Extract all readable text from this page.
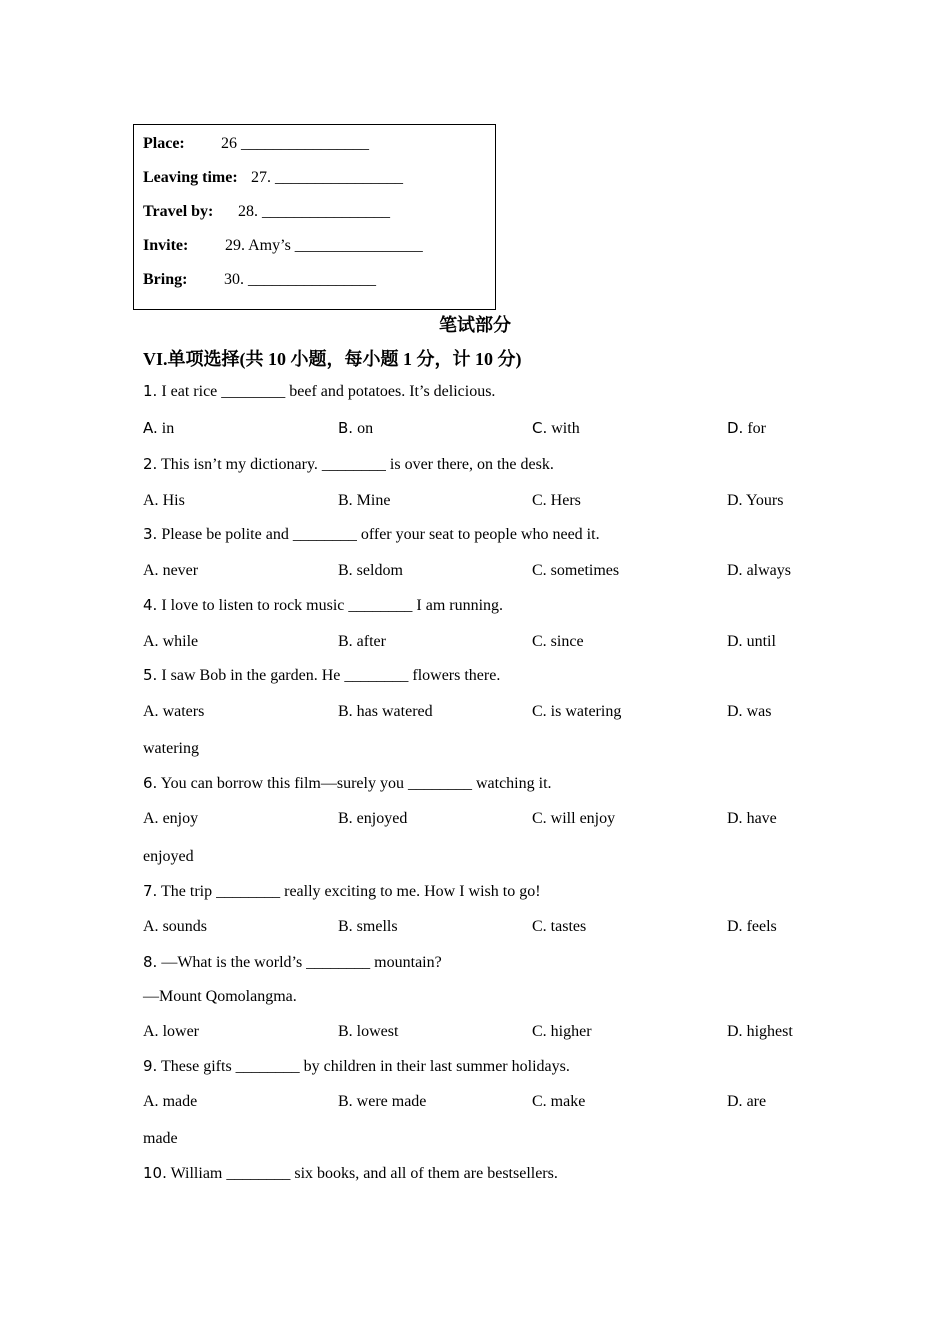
Place: 26 ________________
Leaving time: 27. ________________
Travel by: 28. ________________
Invite: 29. Amy’s ________________
Bring: 30. ________________
笔试部分
VI.单项选择(共 10 小题，每小题 1 分，计 10 分)
1. I eat rice ________ beef and potatoes. It’s delicious.
A. in	B. on	C. with	D. for
2. This isn’t my dictionary. ________ is over there, on the desk.
A. His	B. Mine	C. Hers	D. Yours
3. Please be polite and ________ offer your seat to people who need it.
A. never	B. seldom	C. sometimes	D. always
4. I love to listen to rock music ________ I am running.
A. while	B. after	C. since	D. until
5. I saw Bob in the garden. He ________ flowers there.
A. waters	B. has watered	C. is watering	D. was
watering
6. You can borrow this film—surely you ________ watching it.
A. enjoy	B. enjoyed	C. will enjoy	D. have
enjoyed
7. The trip ________ really exciting to me. How I wish to go!
A. sounds	B. smells	C. tastes	D. feels
8. —What is the world’s ________ mountain?
—Mount Qomolangma.
A. lower	B. lowest	C. higher	D. highest
9. These gifts ________ by children in their last summer holidays.
A. made	B. were made	C. make	D. are
made
10. William ________ six books, and all of them are bestsellers.
